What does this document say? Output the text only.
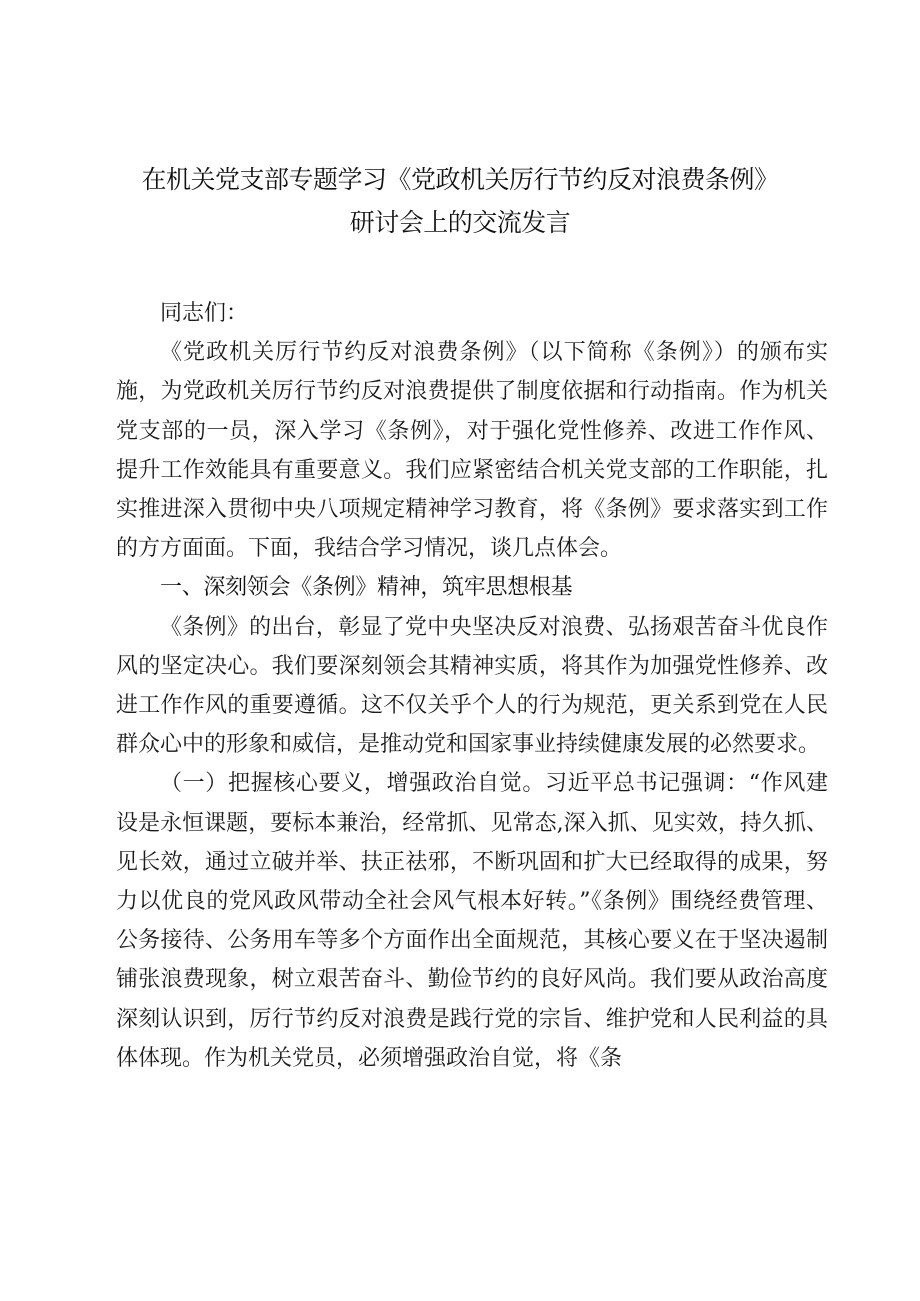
在机关党支部专题学习《党政机关厉行节约反对浪费条例》
研讨会上的交流发言

同志们：

《党政机关厉行节约反对浪费条例》（以下简称《条例》）的颁布实施，为党政机关厉行节约反对浪费提供了制度依据和行动指南。作为机关党支部的一员，深入学习《条例》，对于强化党性修养、改进工作作风、提升工作效能具有重要意义。我们应紧密结合机关党支部的工作职能，扎实推进深入贯彻中央八项规定精神学习教育，将《条例》要求落实到工作的方方面面。下面，我结合学习情况，谈几点体会。

一、深刻领会《条例》精神，筑牢思想根基

《条例》的出台，彰显了党中央坚决反对浪费、弘扬艰苦奋斗优良作风的坚定决心。我们要深刻领会其精神实质，将其作为加强党性修养、改进工作作风的重要遵循。这不仅关乎个人的行为规范，更关系到党在人民群众心中的形象和威信，是推动党和国家事业持续健康发展的必然要求。

（一）把握核心要义，增强政治自觉。习近平总书记强调：“作风建设是永恒课题，要标本兼治，经常抓、见常态,深入抓、见实效，持久抓、见长效，通过立破并举、扶正祛邪，不断巩固和扩大已经取得的成果，努力以优良的党风政风带动全社会风气根本好转。”《条例》围绕经费管理、公务接待、公务用车等多个方面作出全面规范，其核心要义在于坚决遏制铺张浪费现象，树立艰苦奋斗、勤俭节约的良好风尚。我们要从政治高度深刻认识到，厉行节约反对浪费是践行党的宗旨、维护党和人民利益的具体体现。作为机关党员，必须增强政治自觉，将《条
